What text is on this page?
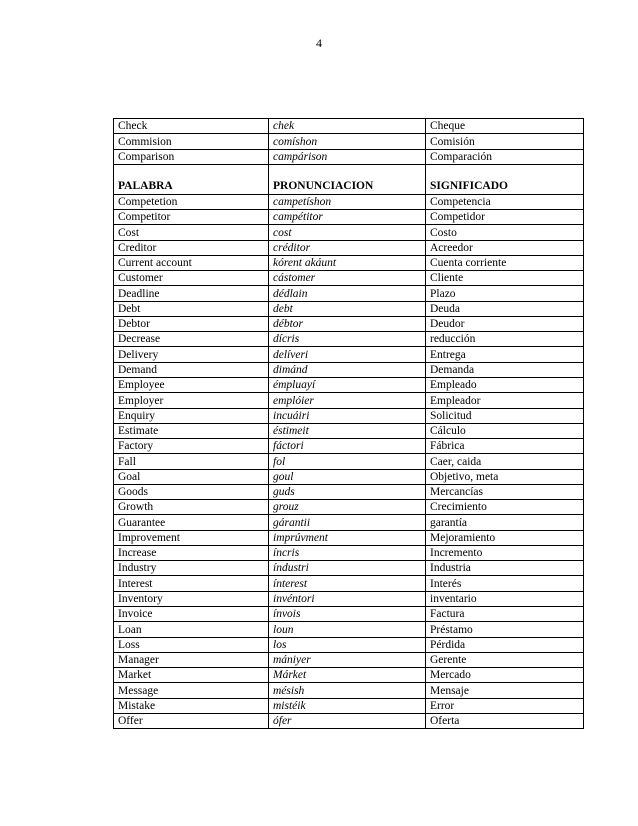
4
Check	chek	Cheque
Commision	comíshon	Comisión
Comparison	campárison	Comparación
PALABRA	PRONUNCIACION	SIGNIFICADO
Competetion	campetíshon	Competencia
Competitor	campétitor	Competidor
Cost	cost	Costo
Creditor	créditor	Acreedor
Current account	kórent akáunt	Cuenta corriente
Customer	cástomer	Cliente
Deadline	dédlain	Plazo
Debt	debt	Deuda
Debtor	débtor	Deudor
Decrease	dícris	reducción
Delivery	delíveri	Entrega
Demand	dimánd	Demanda
Employee	émpluayí	Empleado
Employer	emplóier	Empleador
Enquiry	incuáiri	Solicitud
Estimate	éstimeit	Cálculo
Factory	fáctori	Fábrica
Fall	fol	Caer, caida
Goal	goul	Objetivo, meta
Goods	guds	Mercancías
Growth	grouz	Crecimiento
Guarantee	gárantii	garantía
Improvement	imprúvment	Mejoramiento
Increase	íncris	Incremento
Industry	índustri	Industria
Interest	ínterest	Interés
Inventory	invéntori	inventario
Invoice	ínvois	Factura
Loan	loun	Préstamo
Loss	los	Pérdida
Manager	mániyer	Gerente
Market	Márket	Mercado
Message	mésish	Mensaje
Mistake	mistéik	Error
Offer	ófer	Oferta
